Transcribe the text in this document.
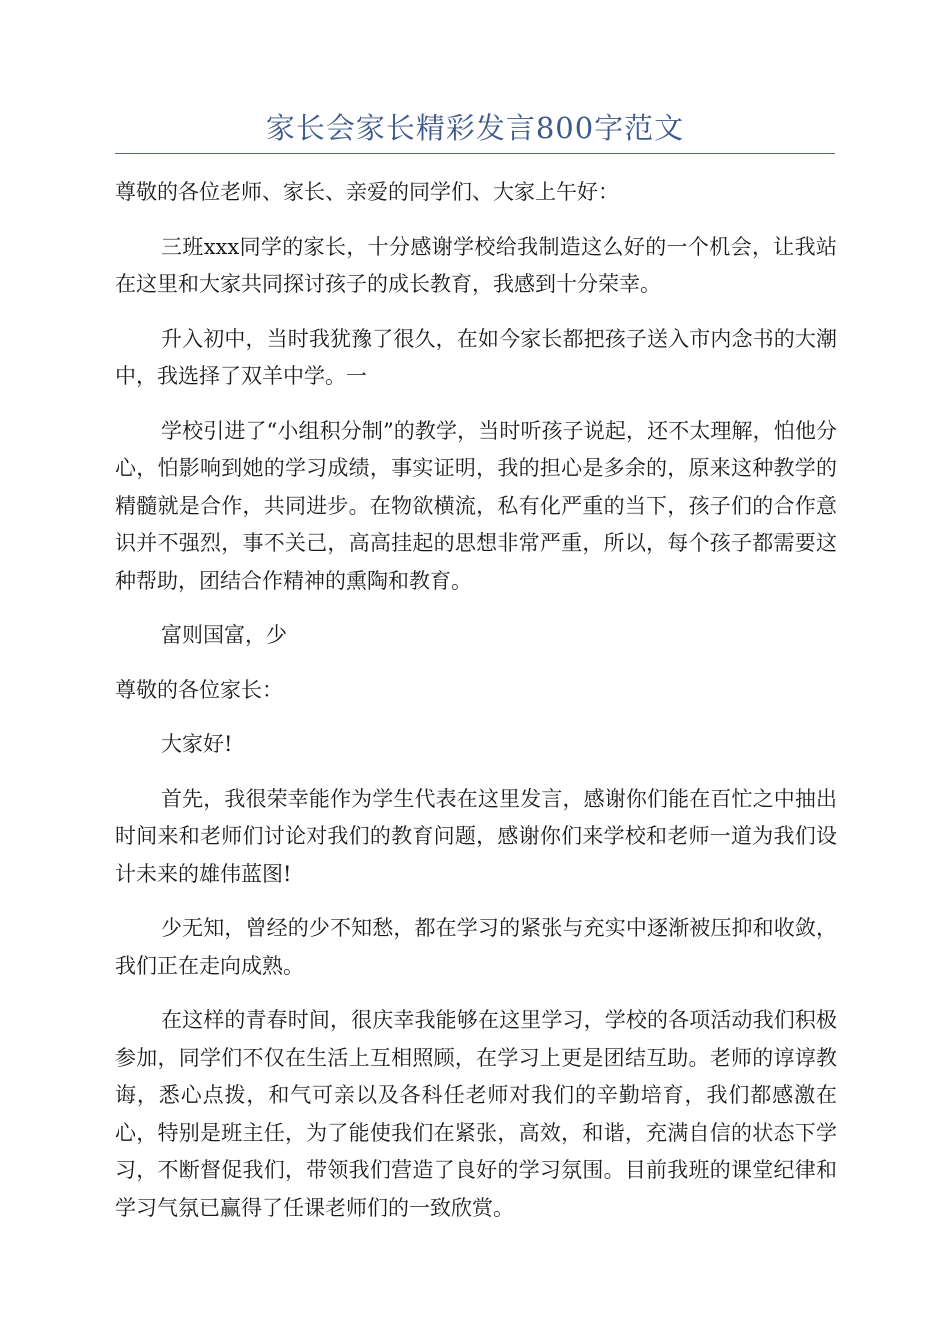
家长会家长精彩发言800字范文

尊敬的各位老师、家长、亲爱的同学们、大家上午好：

三班xxx同学的家长，十分感谢学校给我制造这么好的一个机会，让我站在这里和大家共同探讨孩子的成长教育，我感到十分荣幸。

升入初中，当时我犹豫了很久，在如今家长都把孩子送入市内念书的大潮中，我选择了双羊中学。一

学校引进了“小组积分制”的教学，当时听孩子说起，还不太理解，怕他分心，怕影响到她的学习成绩，事实证明，我的担心是多余的，原来这种教学的精髓就是合作，共同进步。在物欲横流，私有化严重的当下，孩子们的合作意识并不强烈，事不关己，高高挂起的思想非常严重，所以，每个孩子都需要这种帮助，团结合作精神的熏陶和教育。

富则国富，少

尊敬的各位家长：

大家好!

首先，我很荣幸能作为学生代表在这里发言，感谢你们能在百忙之中抽出时间来和老师们讨论对我们的教育问题，感谢你们来学校和老师一道为我们设计未来的雄伟蓝图!

少无知，曾经的少不知愁，都在学习的紧张与充实中逐渐被压抑和收敛，我们正在走向成熟。

在这样的青春时间，很庆幸我能够在这里学习，学校的各项活动我们积极参加，同学们不仅在生活上互相照顾，在学习上更是团结互助。老师的谆谆教诲，悉心点拨，和气可亲以及各科任老师对我们的辛勤培育，我们都感激在心，特别是班主任，为了能使我们在紧张，高效，和谐，充满自信的状态下学习，不断督促我们，带领我们营造了良好的学习氛围。目前我班的课堂纪律和学习气氛已赢得了任课老师们的一致欣赏。
